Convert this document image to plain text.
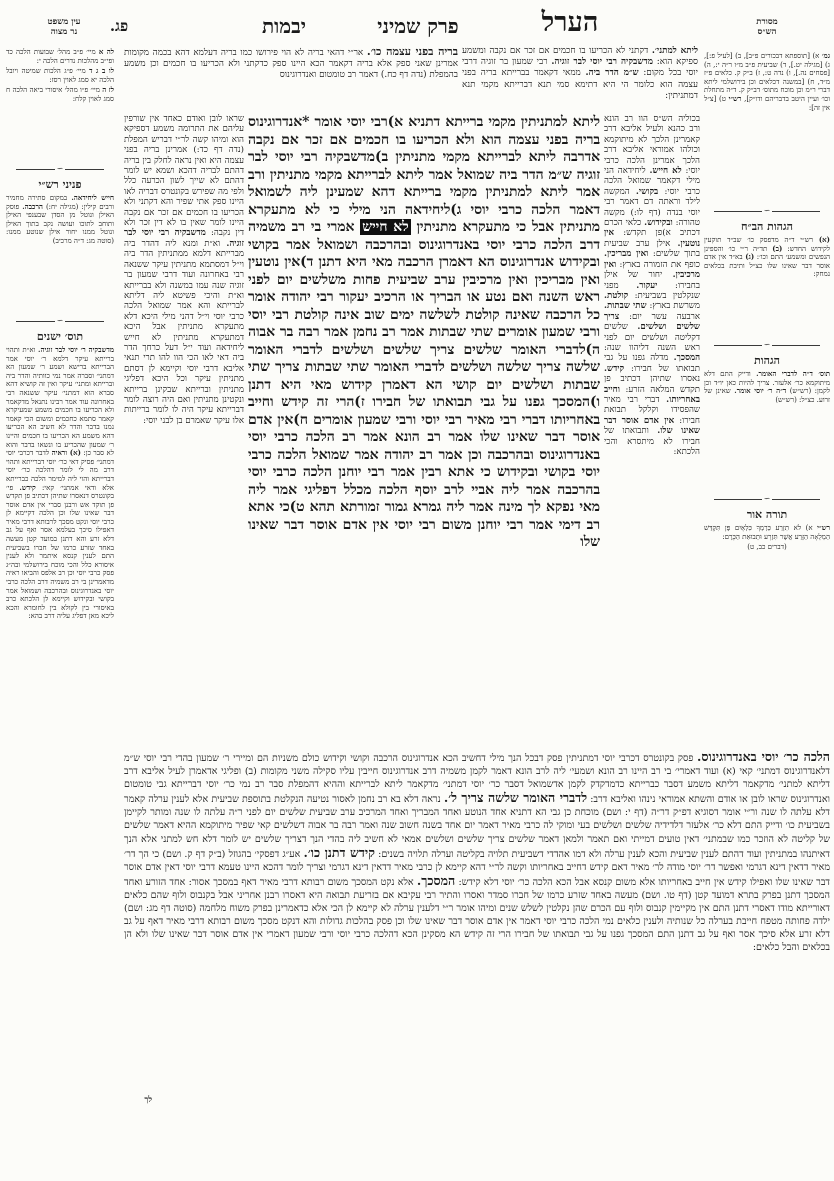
מסורת
הש״ס
הערל
פרק שמיני
יבמות
פג.
עין משפט
נר מצוה
לה א מיי׳ פ״ב מהל׳ שבועות הלכה כד ופי״ב מהלכות נדרים הלכה י:
לו ב ג ד מיי׳ פ״ג הלכות שמיטה ויובל הלכה יא סמג לאוין רסז:
לז ה מיי׳ פ״ו מהל׳ איסורי ביאה הלכה ח סמג לאוין קלח:
∼
פניני רש״י
חייש ליחידאה. במקום סתירה מחמיר ורבים קילין: (מגילה יח:) הרכבה. פוסק האילן ונוטל מן הסדן שבענפי האילן ותוחב לתוכו ועושה נקב בתוך האילן ונוטל ממנו יחור אילן שנוטע ממנו: (סוטה מג: ד״ה מרכיב)
∼
תוס׳ ישנים
מדשבקיה ר׳ יוסי לבר זוגיה. וא״ת ותהוי ברייתא עיקר דלמא ר׳ יוסי אמר הברייתא ברישא ושמע ר׳ שמעון הא דמתני׳ וסברה אמר נמי כוותיה והדר ביה וברייתא ומתני׳ עיקר ואין זה קושיא דהא סברא הוא דמתני׳ עיקר ששנאה רבי באחרונה עוד אמר רבינו נתנאל מדקאמר ולא הכריעו בו חכמים משמע שמעיקרא קאמר סתמא כחכמים ומשום הכי קאמר נמנו בדבר והדר לא חשיב הא הכריעו דהא משמע הא הכריעו בו חכמים והיינו ר׳ שמעון שהכריע בו ונשאו בדבר והוא לא סבר כן: (א) וראיה לדבר דכרבי יוסי דמתני׳ פסיק דאי כר׳ יוסי דברייתא ותהוי דרב מה לי לומר דהלכה כר׳ יוסי דברייתא והוי ליה למימר הלכה כברייתא אלא ודאי אמתני׳ קאי: קידש. פי׳ בקונטרס דנאסרו שתיהן דכתיב פן תקדש פן תוקד אש ורבנן סברי אין אדם אוסר דבר שאינו שלו וכן הלכה דקיימא לן כרבי יוסי ונקט מסכך לרבותא דרבי מאיר דאפילו סיכך בעלמא אסר ואף על גב דלא זרע והא דתנן במועד קטן מעשה באחד שזרע כרמו של חברו בשביעית התם לענין קנסא איתמר ולא לענין איסורא כלל והכי מוכח בירושלמי ובה״ג פסק כרבי יוסי וכן רב אלפס והביאו ראיה מדאמרינן בי רב משמיה דרב הלכה כרבי יוסי באנדרוגינוס ובהרכבה ושמואל אמר בקושי ובקידוש וקיימא לן הלכתא כרב באיסורי בין לקולא בין לחומרא והכא ליכא מאן דפליג עליה דרב בהא:
גמ׳ א) [תוספתא דבכורים פ״ב], ב) [לעיל פ:], ג) [מגילה יט.], ד) שביעית פ״ב מ״ו ר״ה י:, ה) [פסחים נה.], ו) נדה ט:, ז) ב״ק ק. כלאים פ״ז מ״ד, ח) [במשנה דכלאים וכן בירושלמי ליתא דברי ר״מ וכן מוכח מתוס׳ דב״ק ק. ד״ה מתחלת וכו׳ ועיין היטב בדבריהם ודו״ק], רש״י ט) [צ״ל אין זה]:
∼
הגהות הב״ח
(א) רש״י ד״ה מדפסק כו׳ שב״ד תוקעין לקידוש החדש: (ב) תד״ה ר״י כו׳ והספינן הנפשים ומשמע׳ התם וכו׳: (ג) בא״ד אין אדם אוסר דבר שאינו שלו כצ״ל ותיבת בכלאים נמחק:
∼
הגהות
תוס׳ ד״ה לדברי האומר. ודייק התם דלא מיתוקמא כר׳ אלעזר. צריך להיות כאן יו״ד וכן לקמן: (רש״ש) ד״ה ר׳ יוסי אומר. שאינן של זרוע. כצ״ל: (רש״ש)
∼
תורה אור
רש״י א) לֹא תִזְרַע כַּרְמְךָ כִּלְאָיִם פֶּן תִּקְדַּשׁ הַמְלֵאָה הַזֶּרַע אֲשֶׁר תִּזְרָע וּתְבוּאַת הַכָּרֶם:
(דברים כב, ט)
בריה בפני עצמה כו׳. אר״י דהאי בריה לא הוי פירושו כמו בריה דעלמא דהא בכמה מקומות אמרינן שאני ספק אלא בריה דקאמר הכא היינו ספק כדקתני ולא הכריעו בו חכמים וכן משמע בהמפלת (נדה דף כח.) דאמר רב טומטום ואנדרוגינוס
ליתא למתני׳. דקתני לא הכריעו בו חכמים אם זכר אם נקבה ומשמע ספיקא הוא: מדשבקיה רבי יוסי לבר זוגיה. רבי שמעון בר זוגיה דרבי יוסי בכל מקום: ש״מ הדר ביה. ממאי דקאמר בברייתא בריה בפני עצמה הוא כלומר הי היא דתימא סמי תנא דברייתא מקמי תנא דמתניתין:
שראו לובן ואודם כאחד אין שורפין עליהם את התרומה משמע דספיקא הוא ומיהו קשה לר״י דבריש המפלת (נדה דף כד:) אמרינן בריה בפני עצמה היא ואין נראה לחלק בין בריה דהתם לבריה דהכא ושמא יש לומר דהתם לא שייך לשון הכרעה כלל ולפי מה שפירש בקונטרס דבריה לאו היינו ספק אתי שפיר והא דקתני ולא הכריעו בו חכמים אם זכר אם נקבה היינו לומר שאין בו לא דין זכר ולא דין נקבה: מדשבקיה רבי יוסי לבר זוגיה. וא״ת ומנא ליה דהדר ביה מברייתא דלמא ממתניתין הדר ביה וי״ל דמסתמא מתניתין עיקר ששנאה רבי באחרונה ועוד דרבי שמעון בר זוגיה שנה עמו במשנה ולא בברייתא וא״ת והיכי פשיטא ליה דליתא לברייתא והא אמר שמואל הלכה כרבי יוסי וי״ל דהני מילי היכא דלא מתעקרא מתניתין אבל היכא דמתעקרא מתניתין לא חייש ליחידאה ועוד י״ל דעל כרחך הדר ביה דאי לאו הכי הוו להו תרי תנאי אליבא דרבי יוסי וקיימא לן דסתם מתניתין עיקר וכל היכא דפליגי מתניתין וברייתא שבקינן ברייתא ונקטינן מתניתין ואם היה רוצה לומר דברייתא עיקר היה לו לומר ברייתות אלו עיקר שאמרם בן לבני יוסי:
ליתא למתניתין מקמי ברייתא דתניא א)רבי יוסי אומר *אנדרוגינוס בריה בפני עצמה הוא ולא הכריעו בו חכמים אם זכר אם נקבה אדרבה ליתא לברייתא מקמי מתניתין ב)מדשבקיה רבי יוסי לבר זוגיה ש״מ הדר ביה שמואל אמר ליתא לברייתא מקמי מתניתין ורב אמר ליתא למתניתין מקמי ברייתא דהא שמעינן ליה לשמואל דאמר הלכה כרבי יוסי ג)ליחידאה הני מילי כי לא מתעקרא מתניתין אבל כי מתעקרא מתניתין לא חייש אמרי בי רב משמיה דרב הלכה כרבי יוסי באנדרוגינוס ובהרכבה ושמואל אמר בקושי ובקידוש אנדרוגינוס הא דאמרן הרכבה מאי היא דתנן ד)אין נוטעין ואין מבריכין ואין מרכיבין ערב שביעית פחות משלשים יום לפני ראש השנה ואם נטע או הבריך או הרכיב יעקור רבי יהודה אומר כל הרכבה שאינה קולטת לשלשה ימים שוב אינה קולטת רבי יוסי ורבי שמעון אומרים שתי שבתות אמר רב נחמן אמר רבה בר אבוה ה)לדברי האומר שלשים צריך שלשים ושלשים לדברי האומר שלשה צריך שלשה ושלשים לדברי האומר שתי שבתות צריך שתי שבתות ושלשים יום קושי הא דאמרן קידוש מאי היא דתנן ו)המסכך גפנו על גבי תבואתו של חבירו ז)הרי זה קידש וחייב באחריותו דברי רבי מאיר רבי יוסי ורבי שמעון אומרים ח)אין אדם אוסר דבר שאינו שלו אמר רב הונא אמר רב הלכה כרבי יוסי באנדרוגינוס ובהרכבה וכן אמר רב יהודה אמר שמואל הלכה כרבי יוסי בקושי ובקידוש כי אתא רבין אמר רבי יוחנן הלכה כרבי יוסי בהרכבה אמר ליה אביי לרב יוסף הלכה מכלל דפליגי אמר ליה מאי נפקא לך מינה אמר ליה גמרא גמור זמורתא תהא ט)כי אתא רב דימי אמר רבי יוחנן משום רבי יוסי אין אדם אוסר דבר שאינו שלו
בכוליה הש״ס הוו רב הונא ורב כהנא ולעיל אליבא דרב קאמרינן הלכך לא מיתוקמא וכולהו אמוראי אליבא דרב הלכך אמרינן הלכה כרבי יוסי: לא חייש. ליחידאה הני מילי דקאמר שמואל הלכה כרבי יוסי: בקושי. המקשה לילד וראתה דם דאמר רבי יוסי בנדה (דף לו:) מקשה טהורה: ובקידוש. כלאי הכרם דכתיב א)פן תקדש: אין נוטעין. אילן ערב שביעית בתוך שלשים: ואין מבריכין. כופף את הזמורה בארץ: ואין מרכיבין. יחור של אילן בחבירו: יעקור. מפני שנקלטין בשביעית: קולטת. משרשת בארץ: שתי שבתות. ארבעה עשר יום: צריך שלשים ושלשים. שלשים דקליטה ושלשים יום לפני ראש השנה דליהוו שנה: המסכך. מדלה גפנו על גבי תבואתו של חבירו: קידש. נאסרו שתיהן דכתיב פן תקדש המלאה הזרע: וחייב באחריותו. דברי רבי מאיר שהפסידו וקלקל תבואת חבירו: אין אדם אוסר דבר שאינו שלו. ותבואתו של חבירו לא מיתסרא והכי הלכתא:
הלכה כר׳ יוסי באנדרוגינוס. פסק בקונטרס דכרבי יוסי דמתניתין פסק דבכל הנך מילי דחשיב הכא אנדרוגינוס הרכבה וקושי וקידוש כולם משניות הם ומיירי ר׳ שמעון בהדי רבי יוסי ש״מ דלאנדרוגינוס דמתני׳ קאי (א) ועוד דאמרי׳ בי רב היינו רב הונא ושמעי׳ ליה לרב הונא דאמר לקמן משמיה דרב אנדרוגינוס חייבין עליו סקילה משני מקומות (ב) ופליגי אדאמרן לעיל אליבא דרב דליתא למתני׳ מדקאמר דליתא משמע דסבר כברייתא כדמדקדק לקמן אדשמואל דסבר כר׳ יוסי דמתני׳ מדקאמר ליתא לברייתא וההיא דהמפלת סבר רב נמי כר׳ יוסי דברייתא גבי טומטום ואנדרוגינוס שראו לובן או אודם והשתא אמוראי נינהו ואליבא דרב: לדברי האומר שלשה צריך ל׳. נראה דלא בא רב נחמן לאסור נטיעה הנקלטת בתוספת שביעית אלא לענין ערלה קאמר דלא עלתה לו שנה ור״י אומר דסוגיא דפ״ק דר״ה (דף י: ושם) מוכחת כן גבי הא דתניא אחד הנוטע ואחד המבריך ואחד המרכיב ערב שביעית שלשים יום לפני ר״ה עלתה לו שנה ומותר לקיימן בשביעית כו׳ ודייק התם דלא כר׳ אלעזר דלדידיה שלשים ושלשים בעי ומוקי לה כרבי מאיר דאמר יום אחד בשנה חשוב שנה ואמר רבה בר אבוה דשלשים קאי שפיר מיתוקמא ההיא דאמר שלשים של קליטה לא הוזכר כמו שבמתני׳ דאין טועים דמייתי ואם תאמר ולמאן דאמר שלשים צריך שלשים ושלשים אמאי לא חשיב ליה בהדי הנך דצריך שלשים יש לומר דלא חש למתני אלא הנך דאיתנהו במתניתין ועוד דהתם לענין שביעית והכא לענין ערלה ולא דמו אהדדי דשביעית תלויה בקליטה וערלה תלויה בשנים: קידש דתנן כו׳. אע״ג דפסקי׳ בהגוזל (ב״ק דף ק. ושם) כי הך דר׳ מאיר דדאין דינא דגרמי ואפשר דר׳ יוסי מודה לר׳ מאיר דאם קידש דחייב באחריותו וקשה לר״י דהא קיימא לן כרבי מאיר דדאין דינא דגרמי וצריך לומר דהכא היינו טעמא דרבי יוסי דאין אדם אוסר דבר שאינו שלו ואפילו קידש אין חייב באחריותו אלא משום קנסא אבל הכא הלכה כר׳ יוסי דלא קידש: המסכך. אלא נקט המסכך משום רבותא דרבי מאיר דאף במסכך אסור: אחד הזורע ואחד המסכך דתנן בפרק בתרא דמועד קטן (דף טו. ושם) מעשה באחד שזרע כרמו של חברו סמדר ואסרו והתיר רבי עקיבא אם בזריעת תבואה היא דאסרו רבנן אחריני אבל בקנבוס ולוף שהם כלאים דאורייתא מודו דאסרי דתנן התם אין מקיימין קנבוס ולוף עם הכרם שהן נקלטין לשלש שנים ומיהו אומר ר״י דלענין ערלה לא קיימא לן הכי אלא כדאמרינן בפרק משוח מלחמה (סוטה דף מג: ושם) ילדה פחותה מטפח חייבת בערלה כל שנותיה ולענין כלאים נמי הלכה כרבי יוסי דאמר אין אדם אוסר דבר שאינו שלו וכן פסק בהלכות גדולות והא דנקט מסכך משום רבותא דרבי מאיר דאף על גב דלא זרע אלא סיכך אסר ואף על גב דתנן התם המסכך גפנו על גבי תבואתו של חבירו הרי זה קידש הא מסקינן הכא דהלכה כרבי יוסי ורבי שמעון דאמרי אין אדם אוסר דבר שאינו שלו ולא הן בכלאים והבל כלאים:
לך
